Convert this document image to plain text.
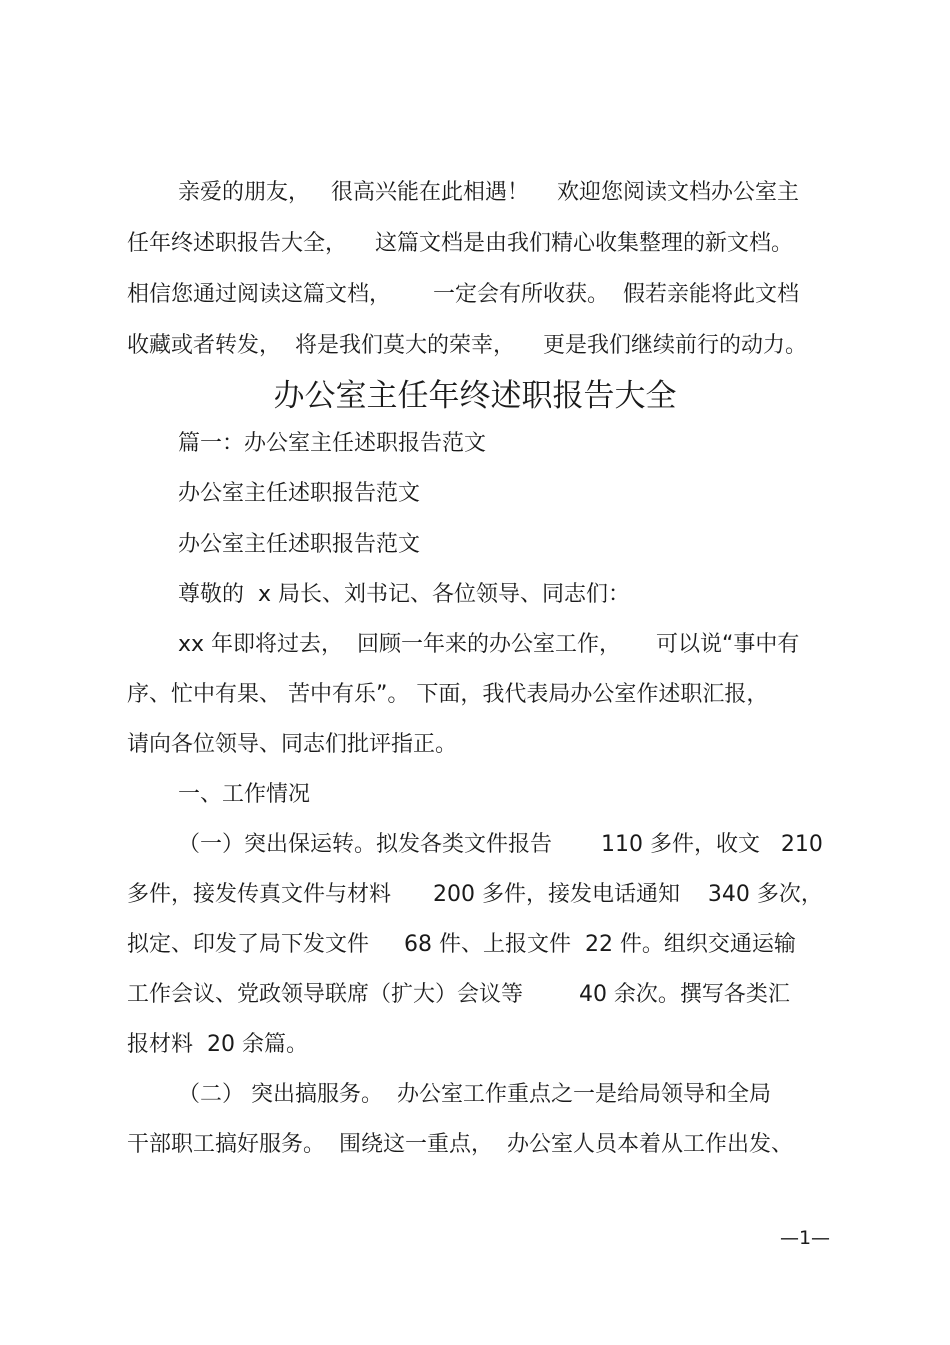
亲爱的朋友，   很高兴能在此相遇！    欢迎您阅读文档办公室主
任年终述职报告大全，    这篇文档是由我们精心收集整理的新文档。
相信您通过阅读这篇文档，      一定会有所收获。  假若亲能将此文档
收藏或者转发，  将是我们莫大的荣幸，    更是我们继续前行的动力。
办公室主任年终述职报告大全
篇一：办公室主任述职报告范文
办公室主任述职报告范文
办公室主任述职报告范文
尊敬的  x 局长、刘书记、各位领导、同志们：
xx 年即将过去，  回顾一年来的办公室工作，     可以说“事中有
序、忙中有果、 苦中有乐”。 下面，我代表局办公室作述职汇报，
请向各位领导、同志们批评指正。
一、工作情况
（一）突出保运转。拟发各类文件报告       110 多件，收文   210
多件，接发传真文件与材料      200 多件，接发电话通知    340 多次，
拟定、印发了局下发文件     68 件、上报文件  22 件。组织交通运输
工作会议、党政领导联席（扩大）会议等        40 余次。撰写各类汇
报材料  20 余篇。
（二） 突出搞服务。  办公室工作重点之一是给局领导和全局
干部职工搞好服务。  围绕这一重点，  办公室人员本着从工作出发、
—1—
